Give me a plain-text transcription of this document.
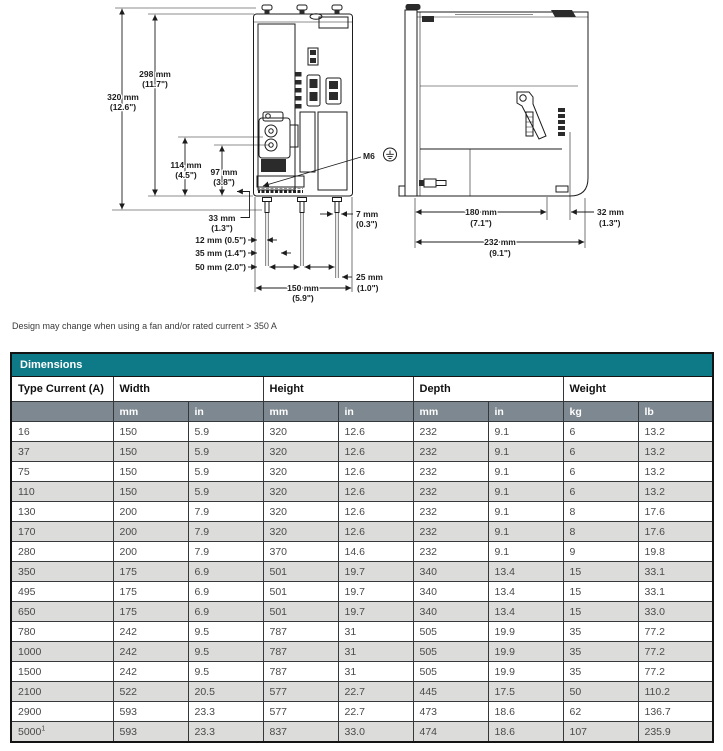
298 mm
(11.7")
320 mm
(12.6")
114 mm
(4.5") 97 mm
(3.8")
33 mm
(1.3")
12 mm (0.5")
35 mm (1.4")
50 mm (2.0")
7 mm
(0.3")
25 mm
(1.0")
150 mm
(5.9")
M6
180 mm
(7.1")
32 mm
(1.3")
232 mm
(9.1")
Design may change when using a fan and/or rated current > 350 A
Dimensions								
Type Current (A)	Width		Height		Depth		Weight	
	mm	in	mm	in	mm	in	kg	lb
16	150	5.9	320	12.6	232	9.1	6	13.2
37	150	5.9	320	12.6	232	9.1	6	13.2
75	150	5.9	320	12.6	232	9.1	6	13.2
110	150	5.9	320	12.6	232	9.1	6	13.2
130	200	7.9	320	12.6	232	9.1	8	17.6
170	200	7.9	320	12.6	232	9.1	8	17.6
280	200	7.9	370	14.6	232	9.1	9	19.8
350	175	6.9	501	19.7	340	13.4	15	33.1
495	175	6.9	501	19.7	340	13.4	15	33.1
650	175	6.9	501	19.7	340	13.4	15	33.0
780	242	9.5	787	31	505	19.9	35	77.2
1000	242	9.5	787	31	505	19.9	35	77.2
1500	242	9.5	787	31	505	19.9	35	77.2
2100	522	20.5	577	22.7	445	17.5	50	110.2
2900	593	23.3	577	22.7	473	18.6	62	136.7
5000$^1$	593	23.3	837	33.0	474	18.6	107	235.9
